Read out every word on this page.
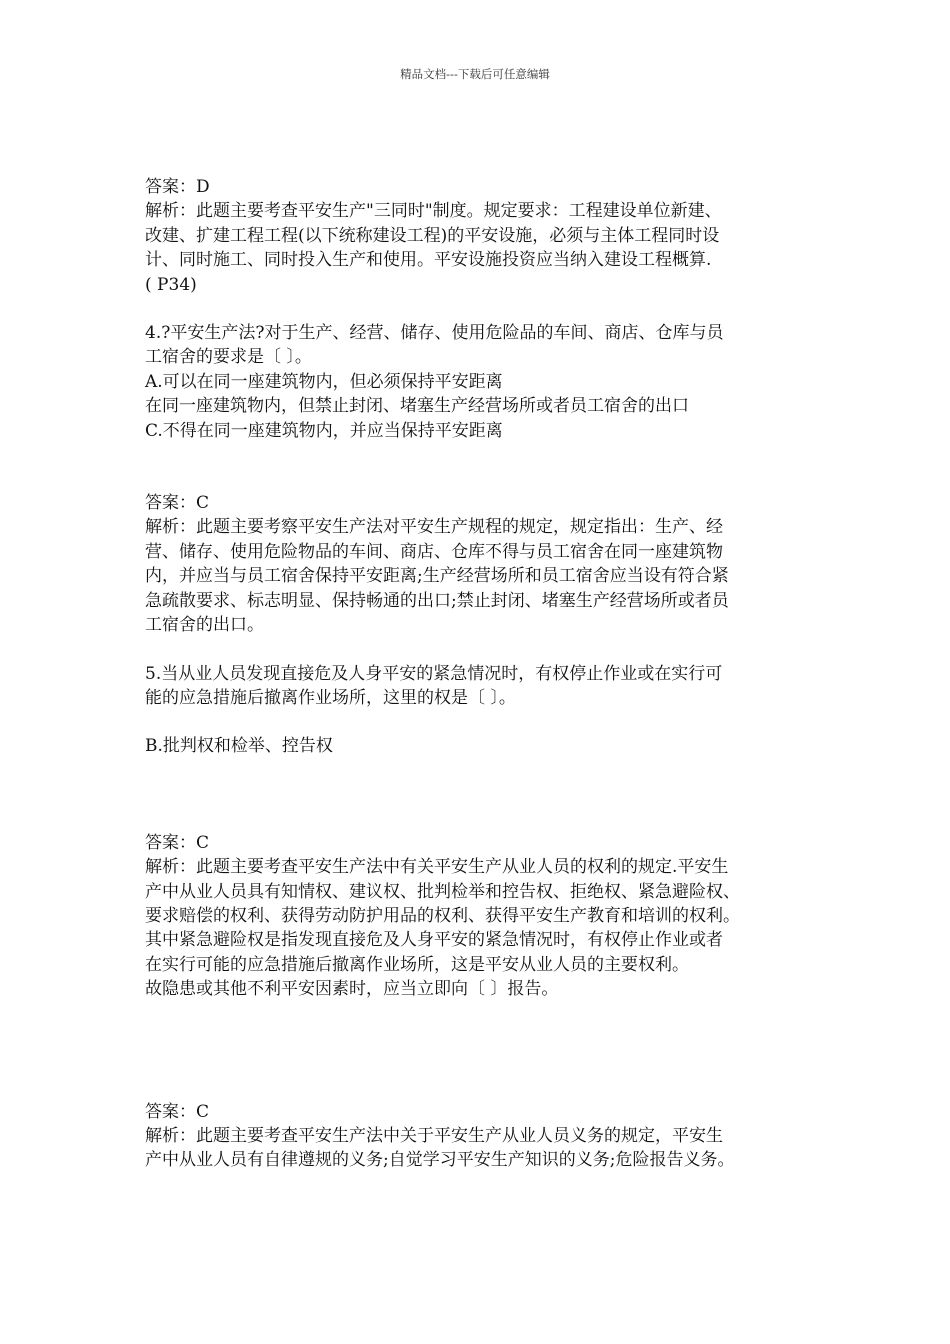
精品文档---下载后可任意编辑

答案：D

解析：此题主要考查平安生产"三同时"制度。规定要求：工程建设单位新建、

改建、扩建工程工程(以下统称建设工程)的平安设施，必须与主体工程同时设

计、同时施工、同时投入生产和使用。平安设施投资应当纳入建设工程概算.

( P34)

4.?平安生产法?对于生产、经营、储存、使用危险品的车间、商店、仓库与员

工宿舍的要求是〔 〕。

A.可以在同一座建筑物内，但必须保持平安距离

在同一座建筑物内，但禁止封闭、堵塞生产经营场所或者员工宿舍的出口

C.不得在同一座建筑物内，并应当保持平安距离

答案：C

解析：此题主要考察平安生产法对平安生产规程的规定，规定指出：生产、经

营、储存、使用危险物品的车间、商店、仓库不得与员工宿舍在同一座建筑物

内，并应当与员工宿舍保持平安距离;生产经营场所和员工宿舍应当设有符合紧

急疏散要求、标志明显、保持畅通的出口;禁止封闭、堵塞生产经营场所或者员

工宿舍的出口。

5.当从业人员发现直接危及人身平安的紧急情况时，有权停止作业或在实行可

能的应急措施后撤离作业场所，这里的权是〔 〕。

B.批判权和检举、控告权

答案：C

解析：此题主要考查平安生产法中有关平安生产从业人员的权利的规定.平安生

产中从业人员具有知情权、建议权、批判检举和控告权、拒绝权、紧急避险权、

要求赔偿的权利、获得劳动防护用品的权利、获得平安生产教育和培训的权利。

其中紧急避险权是指发现直接危及人身平安的紧急情况时，有权停止作业或者

在实行可能的应急措施后撤离作业场所，这是平安从业人员的主要权利。

故隐患或其他不利平安因素时，应当立即向〔 〕报告。

答案：C

解析：此题主要考查平安生产法中关于平安生产从业人员义务的规定，平安生

产中从业人员有自律遵规的义务;自觉学习平安生产知识的义务;危险报告义务。
